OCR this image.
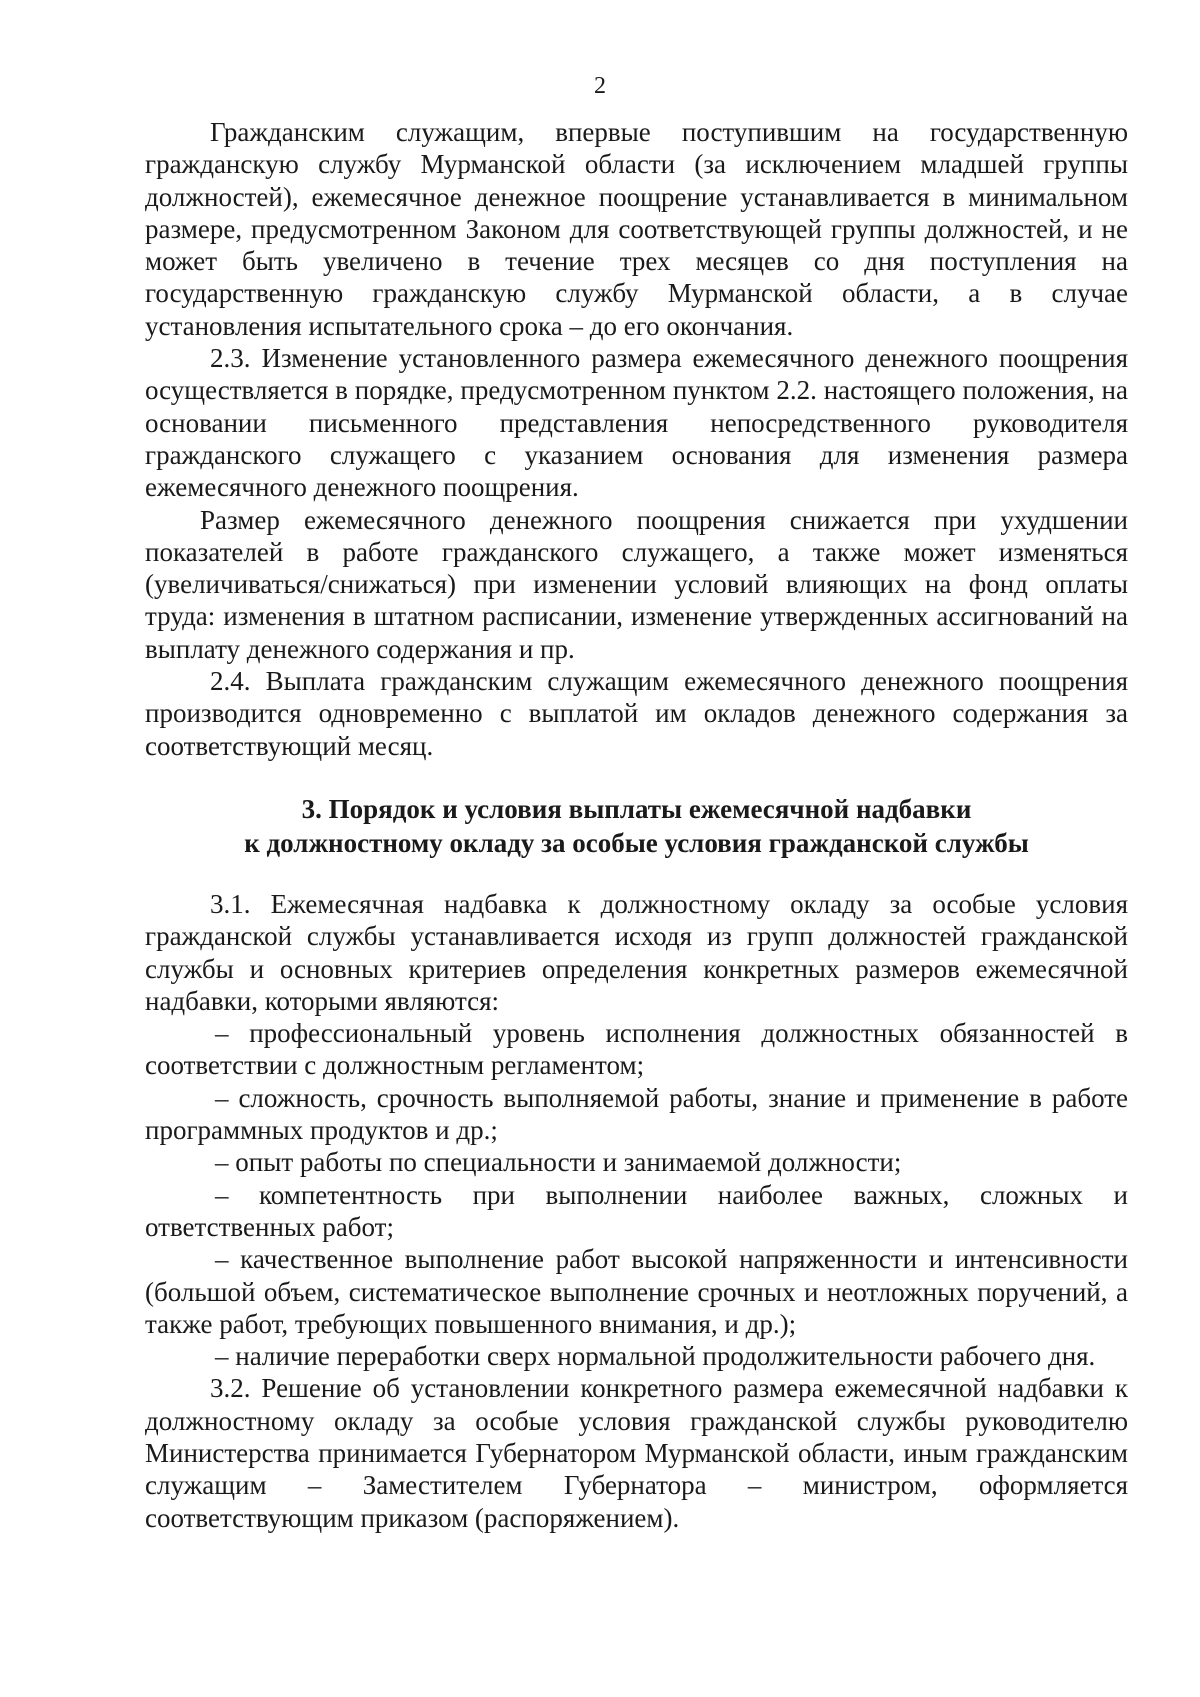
2

Гражданским служащим, впервые поступившим на государственную гражданскую службу Мурманской области (за исключением младшей группы должностей), ежемесячное денежное поощрение устанавливается в минимальном размере, предусмотренном Законом для соответствующей группы должностей, и не может быть увеличено в течение трех месяцев со дня поступления на государственную гражданскую службу Мурманской области, а в случае установления испытательного срока – до его окончания.

2.3. Изменение установленного размера ежемесячного денежного поощрения осуществляется в порядке, предусмотренном пунктом 2.2. настоящего положения, на основании письменного представления непосредственного руководителя гражданского служащего с указанием основания для изменения размера ежемесячного денежного поощрения.

Размер ежемесячного денежного поощрения снижается при ухудшении показателей в работе гражданского служащего, а также может изменяться (увеличиваться/снижаться) при изменении условий влияющих на фонд оплаты труда: изменения в штатном расписании, изменение утвержденных ассигнований на выплату денежного содержания и пр.

2.4. Выплата гражданским служащим ежемесячного денежного поощрения производится одновременно с выплатой им окладов денежного содержания за соответствующий месяц.

3. Порядок и условия выплаты ежемесячной надбавки
к должностному окладу за особые условия гражданской службы

3.1. Ежемесячная надбавка к должностному окладу за особые условия гражданской службы устанавливается исходя из групп должностей гражданской службы и основных критериев определения конкретных размеров ежемесячной надбавки, которыми являются:

– профессиональный уровень исполнения должностных обязанностей в соответствии с должностным регламентом;

– сложность, срочность выполняемой работы, знание и применение в работе программных продуктов и др.;

– опыт работы по специальности и занимаемой должности;

– компетентность при выполнении наиболее важных, сложных и ответственных работ;

– качественное выполнение работ высокой напряженности и интенсивности (большой объем, систематическое выполнение срочных и неотложных поручений, а также работ, требующих повышенного внимания, и др.);

– наличие переработки сверх нормальной продолжительности рабочего дня.

3.2. Решение об установлении конкретного размера ежемесячной надбавки к должностному окладу за особые условия гражданской службы руководителю Министерства принимается Губернатором Мурманской области, иным гражданским служащим – Заместителем Губернатора – министром, оформляется соответствующим приказом (распоряжением).
